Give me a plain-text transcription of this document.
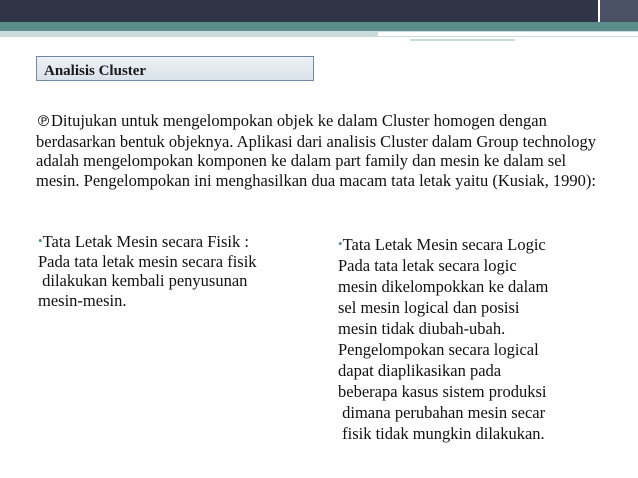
Analisis Cluster
℗Ditujukan untuk mengelompokan objek ke dalam Cluster homogen dengan berdasarkan bentuk objeknya. Aplikasi dari analisis Cluster dalam Group technology adalah mengelompokan komponen ke dalam part family dan mesin ke dalam sel mesin. Pengelompokan ini menghasilkan dua macam tata letak yaitu (Kusiak, 1990):
•Tata Letak Mesin secara Fisik :
Pada tata letak mesin secara fisik
dilakukan kembali penyusunan
mesin-mesin.
•Tata Letak Mesin secara Logic
Pada tata letak secara logic
mesin dikelompokkan ke dalam
sel mesin logical dan posisi
mesin tidak diubah-ubah.
Pengelompokan secara logical
dapat diaplikasikan pada
beberapa kasus sistem produksi
dimana perubahan mesin secar
fisik tidak mungkin dilakukan.
